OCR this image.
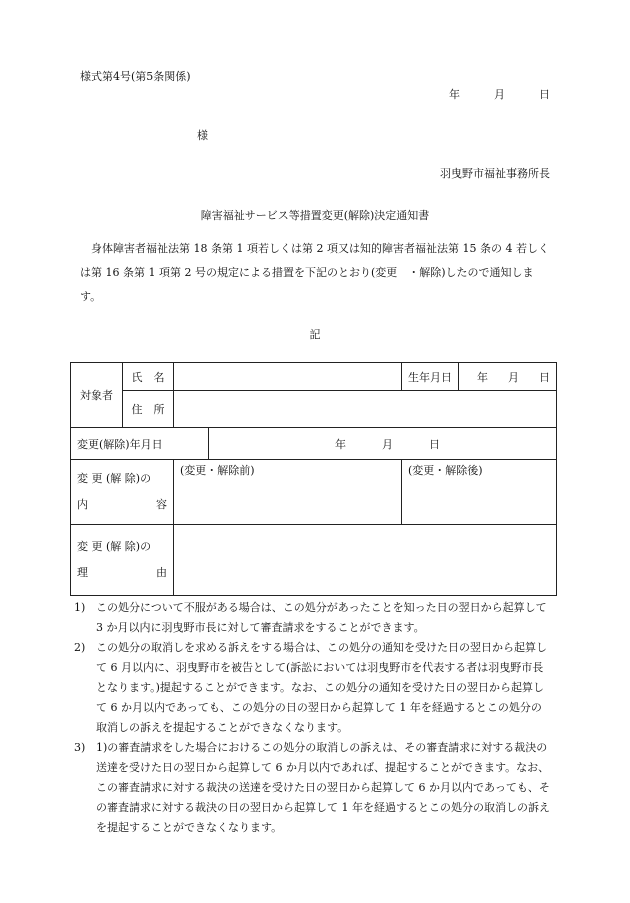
様式第4号(第5条関係)
年	月	日
様
羽曳野市福祉事務所長
障害福祉サービス等措置変更(解除)決定通知書
身体障害者福祉法第 18 条第 1 項若しくは第 2 項又は知的障害者福祉法第 15 条の 4 若しくは第 16 条第 1 項第 2 号の規定による措置を下記のとおり(変更　・解除)したので通知します。
記
対象者	氏　名			生年月日	年 月 日

	住　所				
変更(解除)年月日			年 月 日		

変 更 (解 除)の
内 容		(変更・解除前)		(変更・解除後)	

変 更 (解 除)の
理 由					

1) この処分について不服がある場合は、この処分があったことを知った日の翌日から起算して 3 か月以内に羽曳野市長に対して審査請求をすることができます。
2) この処分の取消しを求める訴えをする場合は、この処分の通知を受けた日の翌日から起算して 6 月以内に、羽曳野市を被告として(訴訟においては羽曳野市を代表する者は羽曳野市長となります。)提起することができます。なお、この処分の通知を受けた日の翌日から起算して 6 か月以内であっても、この処分の日の翌日から起算して 1 年を経過するとこの処分の取消しの訴えを提起することができなくなります。
3) 1)の審査請求をした場合におけるこの処分の取消しの訴えは、その審査請求に対する裁決の送達を受けた日の翌日から起算して 6 か月以内であれば、提起することができます。なお、この審査請求に対する裁決の送達を受けた日の翌日から起算して 6 か月以内であっても、その審査請求に対する裁決の日の翌日から起算して 1 年を経過するとこの処分の取消しの訴えを提起することができなくなります。
